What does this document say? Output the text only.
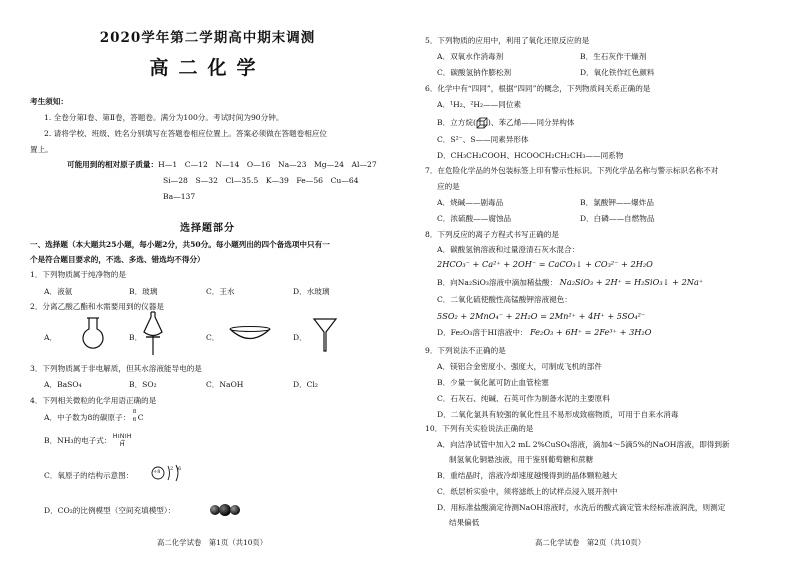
2020学年第二学期高中期末调测
高二化学
考生须知：
1. 全卷分第Ⅰ卷、第Ⅱ卷，答题卷。满分为100分。考试时间为90分钟。
2. 请将学校、班级、姓名分别填写在答题卷相应位置上。答案必须做在答题卷相应位
置上。
可能用到的相对原子质量：H—1　C—12　N—14　O—16　Na—23　Mg—24　Al—27
Si—28　S—32　Cl—35.5　K—39　Fe—56　Cu—64
Ba—137
选择题部分
一、选择题（本大题共25小题，每小题2分，共50分。每小题列出的四个备选项中只有一
个是符合题目要求的，不选、多选、错选均不得分）
1．下列物质属于纯净物的是
A．液氨	B．玻璃	C．王水	D．水玻璃
2．分离乙酸乙酯和水需要用到的仪器是
A．	B．	C．	D．
3．下列物质属于非电解质，但其水溶液能导电的是
A．BaSO₄	B．SO₂	C．NaOH	D．Cl₂
4．下列相关微粒的化学用语正确的是
A．中子数为8的碳原子：
8
6 C
B．NH₃的电子式： H N H
H
C．氧原子的结构示意图：	+8 2 6
D．CO₂的比例模型（空间充填模型）：
高二化学试卷　第1页（共10页）
5．下列物质的应用中，利用了氧化还原反应的是
A．双氧水作消毒剂	B．生石灰作干燥剂
C．碳酸氢钠作膨松剂	D．氧化铁作红色颜料
6．化学中有“四同”，根据“四同”的概念，下列物质间关系正确的是
A．¹H₂、²H₂——同位素
B．立方烷( )、苯乙烯——同分异构体
C．S²⁻、S——同素异形体
D．CH₃CH₂COOH、HCOOCH₂CH₂CH₃——同系物
7．在危险化学品的外包装标签上印有警示性标识。下列化学品名称与警示标识名称不对
应的是
A．烧碱——剧毒品	B．氯酸钾——爆炸品
C．浓硫酸——腐蚀品	D．白磷——自燃物品
8．下列反应的离子方程式书写正确的是
A．碳酸氢钠溶液和过量澄清石灰水混合：
2HCO₃⁻ + Ca²⁺ + 2OH⁻ = CaCO₃↓ + CO₃²⁻ + 2H₂O
B．向Na₂SiO₃溶液中滴加稀盐酸： Na₂SiO₃ + 2H⁺ = H₂SiO₃↓ + 2Na⁺
C．二氧化硫使酸性高锰酸钾溶液褪色：
5SO₂ + 2MnO₄⁻ + 2H₂O = 2Mn²⁺ + 4H⁺ + 5SO₄²⁻
D．Fe₂O₃溶于HI溶液中： Fe₂O₃ + 6H⁺ = 2Fe³⁺ + 3H₂O
9．下列说法不正确的是
A．镁铝合金密度小、强度大，可制成飞机的部件
B．少量一氧化氮可防止血管栓塞
C．石灰石、纯碱、石英可作为制备水泥的主要原料
D．二氧化氯具有较强的氧化性且不易形成致癌物质，可用于自来水消毒
10．下列有关实验说法正确的是
A．向洁净试管中加入2 mL 2%CuSO₄溶液，滴加4～5滴5%的NaOH溶液，即得到新
制氢氧化铜悬浊液，用于鉴别葡萄糖和蔗糖
B．重结晶时，溶液冷却速度越慢得到的晶体颗粒越大
C．纸层析实验中，须将滤纸上的试样点浸入展开剂中
D．用标准盐酸滴定待测NaOH溶液时，水洗后的酸式滴定管未经标准液润洗，则测定
结果偏低
高二化学试卷　第2页（共10页）
